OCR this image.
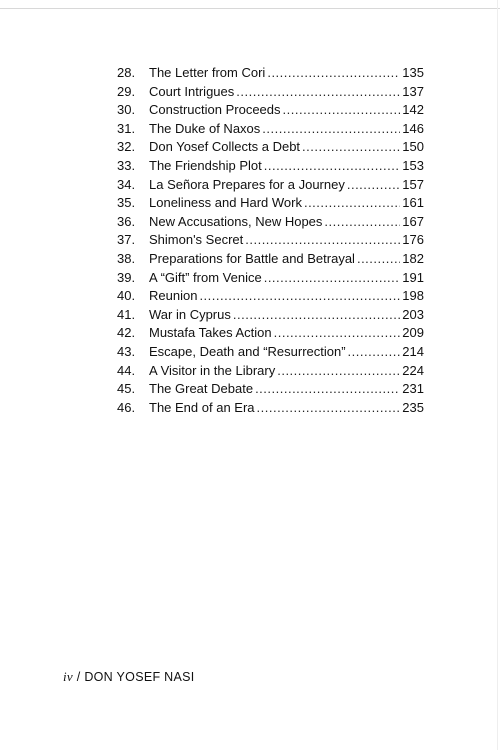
28.	The Letter from Cori .....	135
29.	Court Intrigues .....	137
30.	Construction Proceeds .....	142
31.	The Duke of Naxos .....	146
32.	Don Yosef Collects a Debt .....	150
33.	The Friendship Plot .....	153
34.	La Señora Prepares for a Journey .....	157
35.	Loneliness and Hard Work .....	161
36.	New Accusations, New Hopes .....	167
37.	Shimon's Secret .....	176
38.	Preparations for Battle and Betrayal .....	182
39.	A “Gift” from Venice .....	191
40.	Reunion .....	198
41.	War in Cyprus .....	203
42.	Mustafa Takes Action .....	209
43.	Escape, Death and “Resurrection” .....	214
44.	A Visitor in the Library .....	224
45.	The Great Debate .....	231
46.	The End of an Era .....	235
iv / DON YOSEF NASI
